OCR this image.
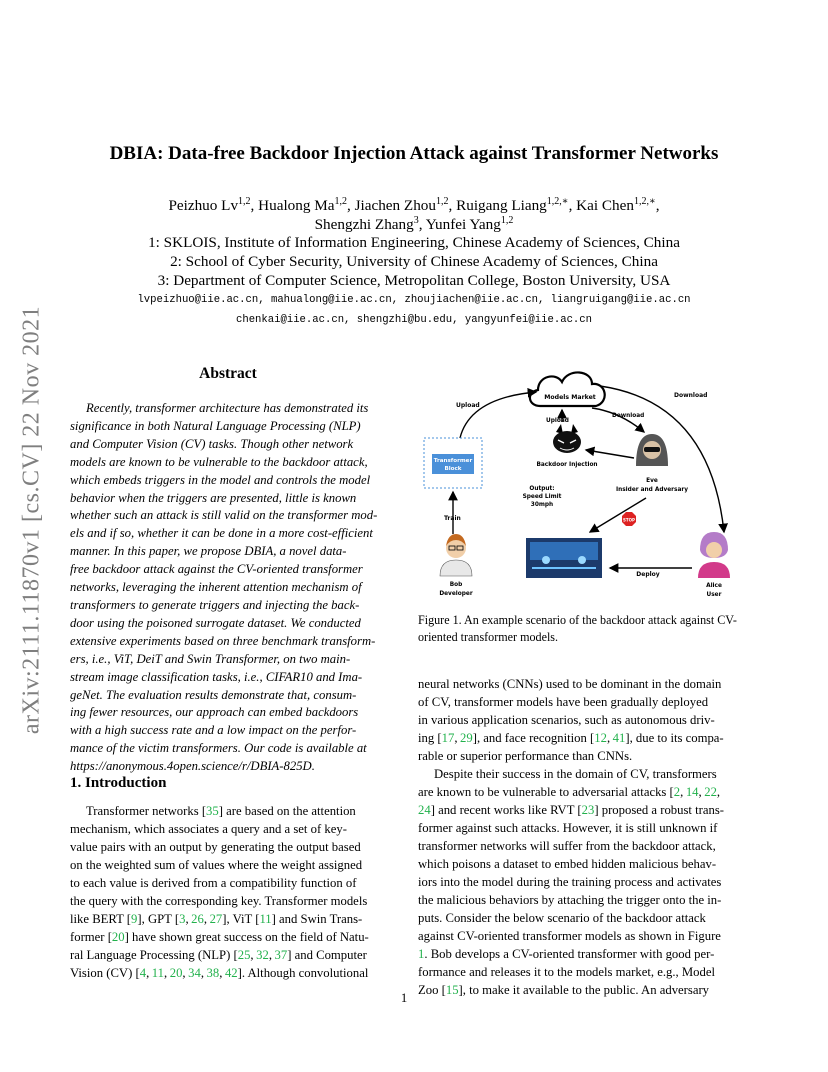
arXiv:2111.11870v1 [cs.CV] 22 Nov 2021
DBIA: Data-free Backdoor Injection Attack against Transformer Networks
Peizhuo Lv$^{1,2}$, Hualong Ma$^{1,2}$, Jiachen Zhou$^{1,2}$, Ruigang Liang$^{1,2,∗}$, Kai Chen$^{1,2,∗}$,
Shengzhi Zhang$^3$, Yunfei Yang$^{1,2}$
1: SKLOIS, Institute of Information Engineering, Chinese Academy of Sciences, China
2: School of Cyber Security, University of Chinese Academy of Sciences, China
3: Department of Computer Science, Metropolitan College, Boston University, USA
lvpeizhuo@iie.ac.cn, mahualong@iie.ac.cn, zhoujiachen@iie.ac.cn, liangruigang@iie.ac.cn
chenkai@iie.ac.cn, shengzhi@bu.edu, yangyunfei@iie.ac.cn
Abstract
Recently, transformer architecture has demonstrated its
significance in both Natural Language Processing (NLP)
and Computer Vision (CV) tasks. Though other network
models are known to be vulnerable to the backdoor attack,
which embeds triggers in the model and controls the model
behavior when the triggers are presented, little is known
whether such an attack is still valid on the transformer mod-
els and if so, whether it can be done in a more cost-efficient
manner. In this paper, we propose DBIA, a novel data-
free backdoor attack against the CV-oriented transformer
networks, leveraging the inherent attention mechanism of
transformers to generate triggers and injecting the back-
door using the poisoned surrogate dataset. We conducted
extensive experiments based on three benchmark transform-
ers, i.e., ViT, DeiT and Swin Transformer, on two main-
stream image classification tasks, i.e., CIFAR10 and Ima-
geNet. The evaluation results demonstrate that, consum-
ing fewer resources, our approach can embed backdoors
with a high success rate and a low impact on the perfor-
mance of the victim transformers. Our code is available at
https://anonymous.4open.science/r/DBIA-825D.
1. Introduction
Transformer networks [35] are based on the attention
mechanism, which associates a query and a set of key-
value pairs with an output by generating the output based
on the weighted sum of values where the weight assigned
to each value is derived from a compatibility function of
the query with the corresponding key. Transformer models
like BERT [9], GPT [3, 26, 27], ViT [11] and Swin Trans-
former [20] have shown great success on the field of Natu-
ral Language Processing (NLP) [25, 32, 37] and Computer
Vision (CV) [4, 11, 20, 34, 38, 42]. Although convolutional
Models Market
Upload
Download
Upload
Download
Transformer
Block
Train
Backdoor Injection
Eve
Insider and Adversary
Output:
Speed Limit
30mph
STOP
Deploy
Bob
Developer
Alice
User
Figure 1. An example scenario of the backdoor attack against CV-
oriented transformer models.
neural networks (CNNs) used to be dominant in the domain
of CV, transformer models have been gradually deployed
in various application scenarios, such as autonomous driv-
ing [17, 29], and face recognition [12, 41], due to its compa-
rable or superior performance than CNNs.
Despite their success in the domain of CV, transformers
are known to be vulnerable to adversarial attacks [2, 14, 22,
24] and recent works like RVT [23] proposed a robust trans-
former against such attacks. However, it is still unknown if
transformer networks will suffer from the backdoor attack,
which poisons a dataset to embed hidden malicious behav-
iors into the model during the training process and activates
the malicious behaviors by attaching the trigger onto the in-
puts. Consider the below scenario of the backdoor attack
against CV-oriented transformer models as shown in Figure
1. Bob develops a CV-oriented transformer with good per-
formance and releases it to the models market, e.g., Model
Zoo [15], to make it available to the public. An adversary
1
